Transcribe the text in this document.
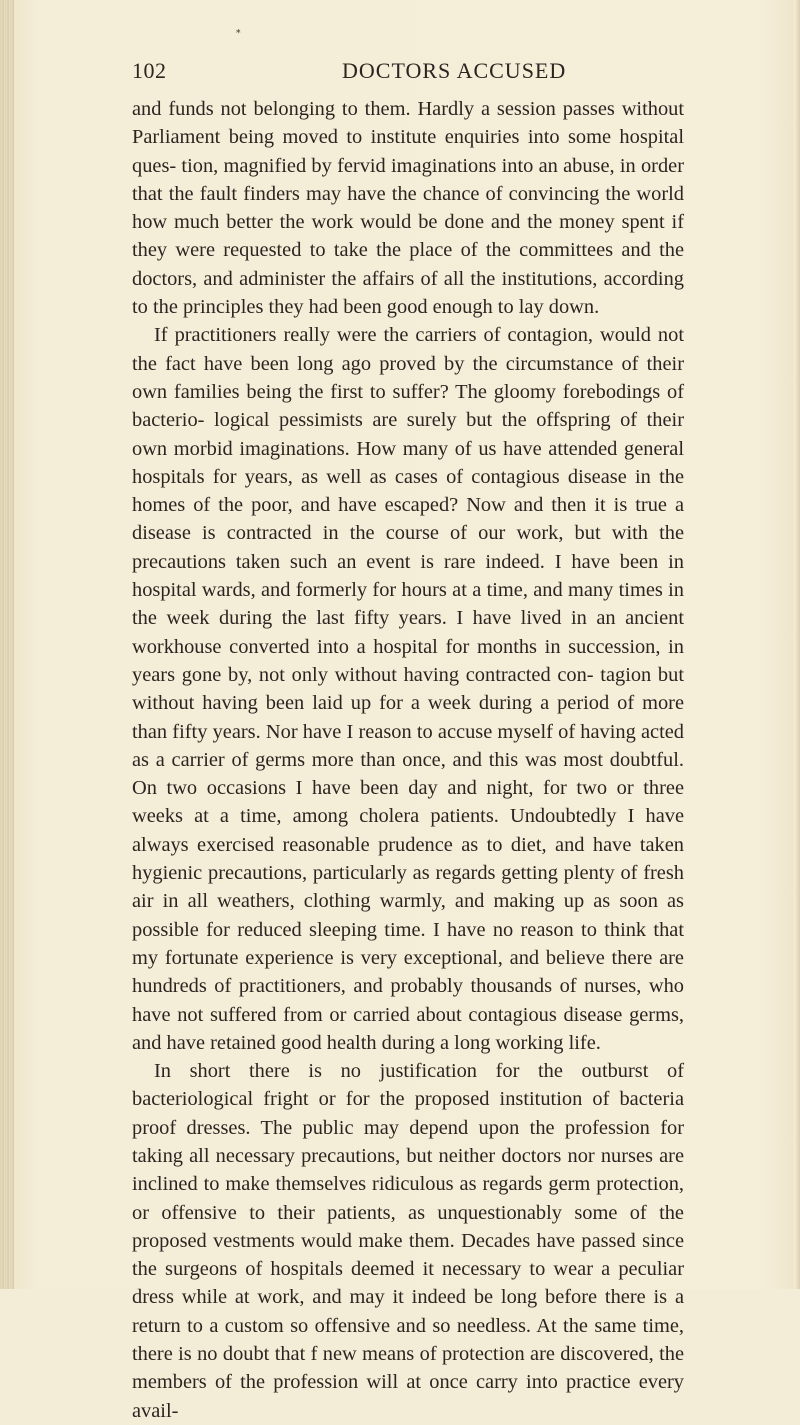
*
102	DOCTORS ACCUSED

and funds not belonging to them. Hardly a session passes without Parliament being moved to institute enquiries into some hospital ques- tion, magnified by fervid imaginations into an abuse, in order that the fault finders may have the chance of convincing the world how much better the work would be done and the money spent if they were requested to take the place of the committees and the doctors, and administer the affairs of all the institutions, according to the principles they had been good enough to lay down.

If practitioners really were the carriers of contagion, would not the fact have been long ago proved by the circumstance of their own families being the first to suffer? The gloomy forebodings of bacterio- logical pessimists are surely but the offspring of their own morbid imaginations. How many of us have attended general hospitals for years, as well as cases of contagious disease in the homes of the poor, and have escaped? Now and then it is true a disease is contracted in the course of our work, but with the precautions taken such an event is rare indeed. I have been in hospital wards, and formerly for hours at a time, and many times in the week during the last fifty years. I have lived in an ancient workhouse converted into a hospital for months in succession, in years gone by, not only without having contracted con- tagion but without having been laid up for a week during a period of more than fifty years. Nor have I reason to accuse myself of having acted as a carrier of germs more than once, and this was most doubtful. On two occasions I have been day and night, for two or three weeks at a time, among cholera patients. Undoubtedly I have always exercised reasonable prudence as to diet, and have taken hygienic precautions, particularly as regards getting plenty of fresh air in all weathers, clothing warmly, and making up as soon as possible for reduced sleeping time. I have no reason to think that my fortunate experience is very exceptional, and believe there are hundreds of practitioners, and probably thousands of nurses, who have not suffered from or carried about contagious disease germs, and have retained good health during a long working life.

In short there is no justification for the outburst of bacteriological fright or for the proposed institution of bacteria proof dresses. The public may depend upon the profession for taking all necessary precautions, but neither doctors nor nurses are inclined to make themselves ridiculous as regards germ protection, or offensive to their patients, as unquestionably some of the proposed vestments would make them. Decades have passed since the surgeons of hospitals deemed it necessary to wear a peculiar dress while at work, and may it indeed be long before there is a return to a custom so offensive and so needless. At the same time, there is no doubt that f new means of protection are discovered, the members of the profession will at once carry into practice every avail-
